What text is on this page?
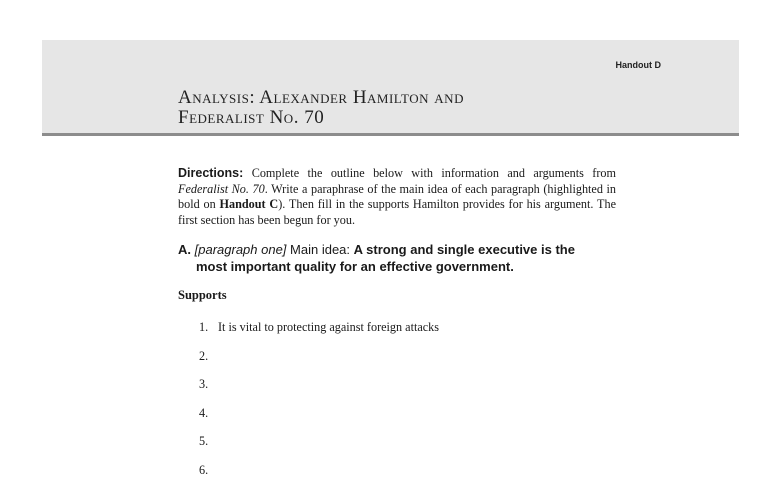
Handout D
Analysis: Alexander Hamilton and
Federalist No. 70
Directions: Complete the outline below with information and arguments from Federalist No. 70. Write a paraphrase of the main idea of each paragraph (highlighted in bold on Handout C). Then fill in the supports Hamilton provides for his argument. The first section has been begun for you.
A. [paragraph one] Main idea: A strong and single executive is the
most important quality for an effective government.
Supports
1. It is vital to protecting against foreign attacks
2.
3.
4.
5.
6.
